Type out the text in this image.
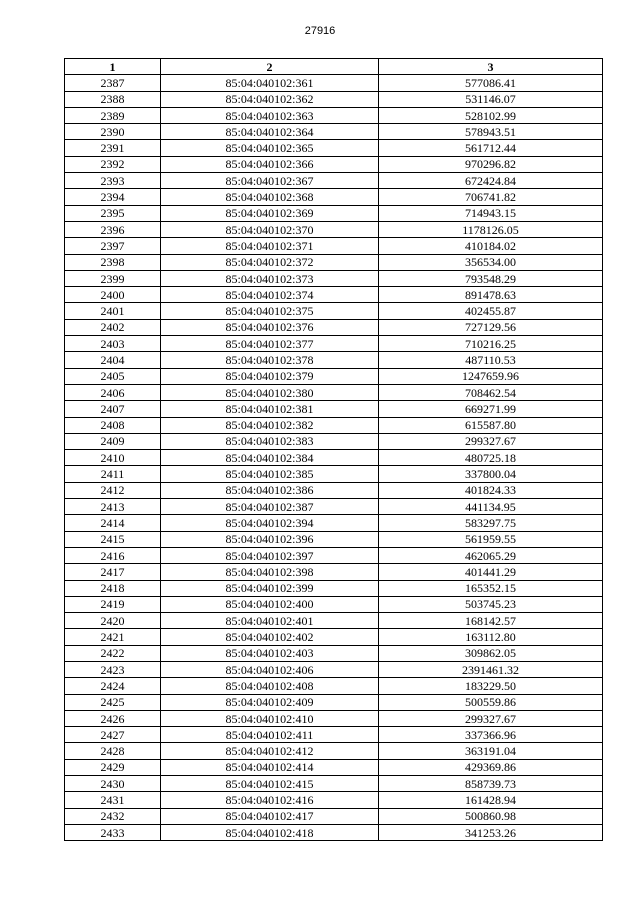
27916
1	2	3
2387	85:04:040102:361	577086.41
2388	85:04:040102:362	531146.07
2389	85:04:040102:363	528102.99
2390	85:04:040102:364	578943.51
2391	85:04:040102:365	561712.44
2392	85:04:040102:366	970296.82
2393	85:04:040102:367	672424.84
2394	85:04:040102:368	706741.82
2395	85:04:040102:369	714943.15
2396	85:04:040102:370	1178126.05
2397	85:04:040102:371	410184.02
2398	85:04:040102:372	356534.00
2399	85:04:040102:373	793548.29
2400	85:04:040102:374	891478.63
2401	85:04:040102:375	402455.87
2402	85:04:040102:376	727129.56
2403	85:04:040102:377	710216.25
2404	85:04:040102:378	487110.53
2405	85:04:040102:379	1247659.96
2406	85:04:040102:380	708462.54
2407	85:04:040102:381	669271.99
2408	85:04:040102:382	615587.80
2409	85:04:040102:383	299327.67
2410	85:04:040102:384	480725.18
2411	85:04:040102:385	337800.04
2412	85:04:040102:386	401824.33
2413	85:04:040102:387	441134.95
2414	85:04:040102:394	583297.75
2415	85:04:040102:396	561959.55
2416	85:04:040102:397	462065.29
2417	85:04:040102:398	401441.29
2418	85:04:040102:399	165352.15
2419	85:04:040102:400	503745.23
2420	85:04:040102:401	168142.57
2421	85:04:040102:402	163112.80
2422	85:04:040102:403	309862.05
2423	85:04:040102:406	2391461.32
2424	85:04:040102:408	183229.50
2425	85:04:040102:409	500559.86
2426	85:04:040102:410	299327.67
2427	85:04:040102:411	337366.96
2428	85:04:040102:412	363191.04
2429	85:04:040102:414	429369.86
2430	85:04:040102:415	858739.73
2431	85:04:040102:416	161428.94
2432	85:04:040102:417	500860.98
2433	85:04:040102:418	341253.26
